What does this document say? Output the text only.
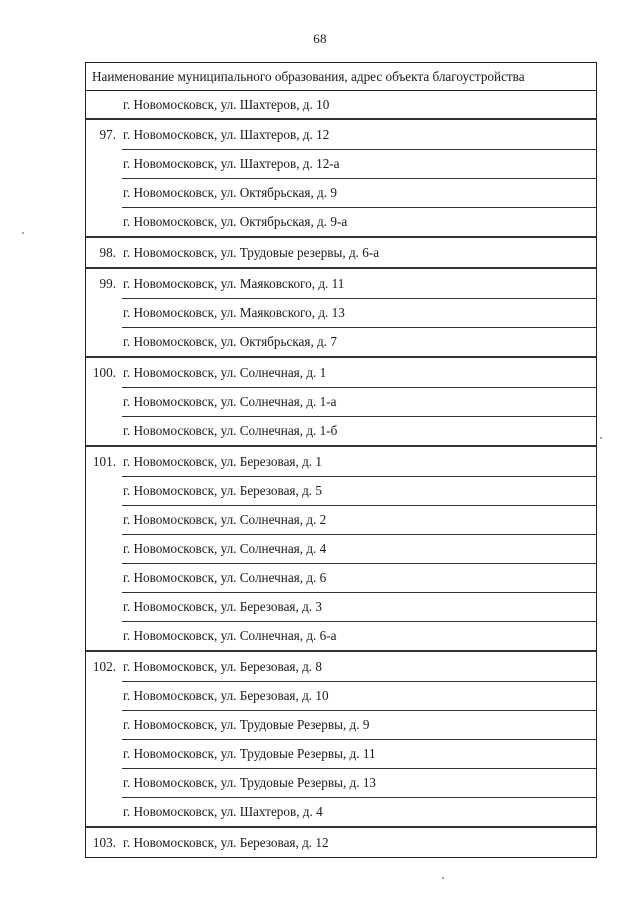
68
Наименование муниципального образования, адрес объекта благоустройства
г. Новомосковск, ул. Шахтеров, д. 10
97. г. Новомосковск, ул. Шахтеров, д. 12
г. Новомосковск, ул. Шахтеров, д. 12-а
г. Новомосковск, ул. Октябрьская, д. 9
г. Новомосковск, ул. Октябрьская, д. 9-а
98. г. Новомосковск, ул. Трудовые резервы, д. 6-а
99. г. Новомосковск, ул. Маяковского, д. 11
г. Новомосковск, ул. Маяковского, д. 13
г. Новомосковск, ул. Октябрьская, д. 7
100. г. Новомосковск, ул. Солнечная, д. 1
г. Новомосковск, ул. Солнечная, д. 1-а
г. Новомосковск, ул. Солнечная, д. 1-б
101. г. Новомосковск, ул. Березовая, д. 1
г. Новомосковск, ул. Березовая, д. 5
г. Новомосковск, ул. Солнечная, д. 2
г. Новомосковск, ул. Солнечная, д. 4
г. Новомосковск, ул. Солнечная, д. 6
г. Новомосковск, ул. Березовая, д. 3
г. Новомосковск, ул. Солнечная, д. 6-а
102. г. Новомосковск, ул. Березовая, д. 8
г. Новомосковск, ул. Березовая, д. 10
г. Новомосковск, ул. Трудовые Резервы, д. 9
г. Новомосковск, ул. Трудовые Резервы, д. 11
г. Новомосковск, ул. Трудовые Резервы, д. 13
г. Новомосковск, ул. Шахтеров, д. 4
103. г. Новомосковск, ул. Березовая, д. 12
